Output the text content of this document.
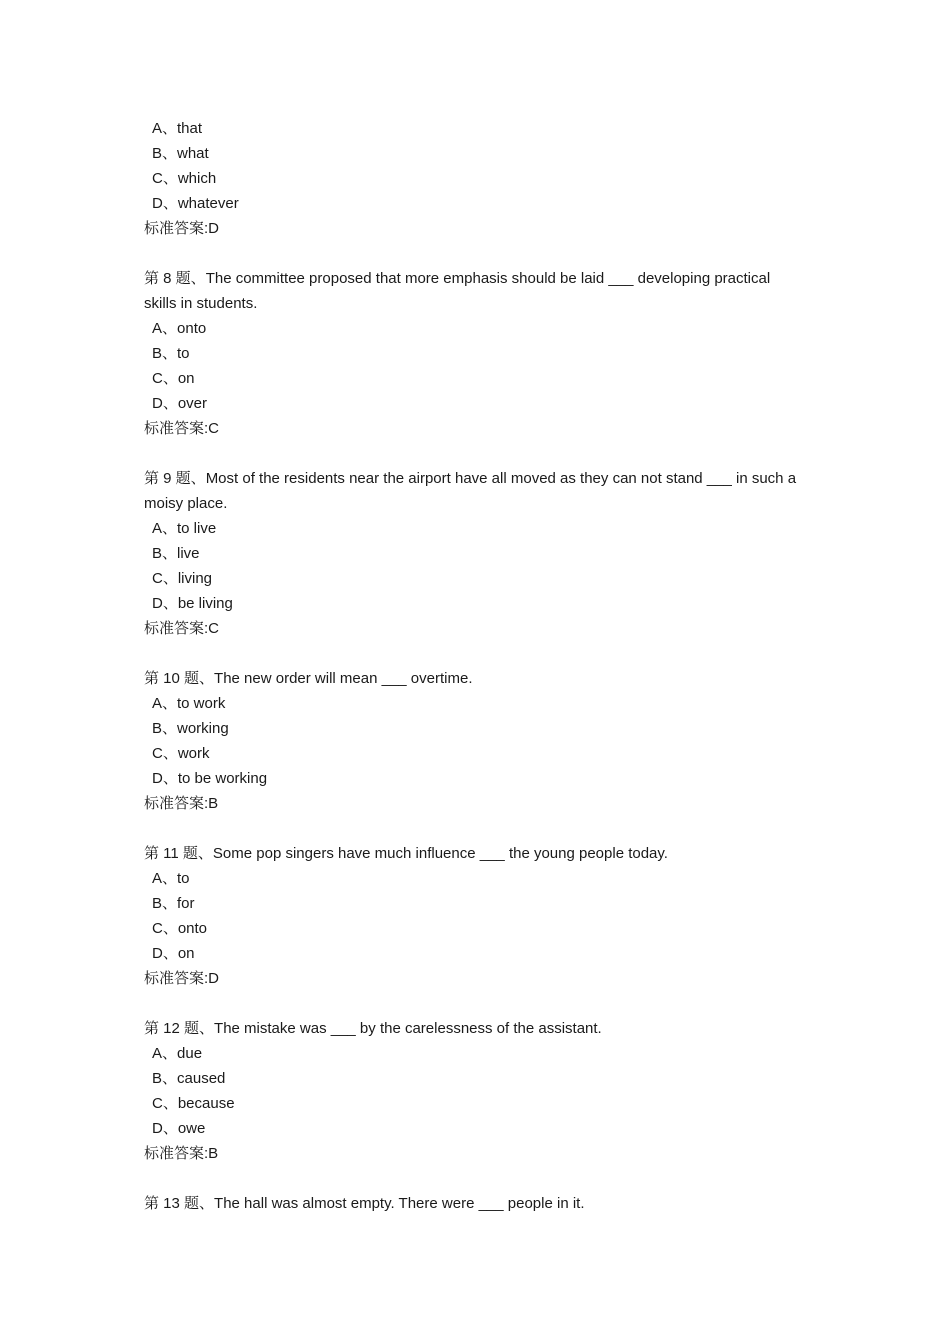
A、that
B、what
C、which
D、whatever
标准答案:D
第 8 题、The committee proposed that more emphasis should be laid ___ developing practical
skills in students.
A、onto
B、to
C、on
D、over
标准答案:C
第 9 题、Most of the residents near the airport have all moved as they can not stand ___ in such a
moisy place.
A、to live
B、live
C、living
D、be living
标准答案:C
第 10 题、The new order will mean ___ overtime.
A、to work
B、working
C、work
D、to be working
标准答案:B
第 11 题、Some pop singers have much influence ___ the young people today.
A、to
B、for
C、onto
D、on
标准答案:D
第 12 题、The mistake was ___ by the carelessness of the assistant.
A、due
B、caused
C、because
D、owe
标准答案:B
第 13 题、The hall was almost empty. There were ___ people in it.
